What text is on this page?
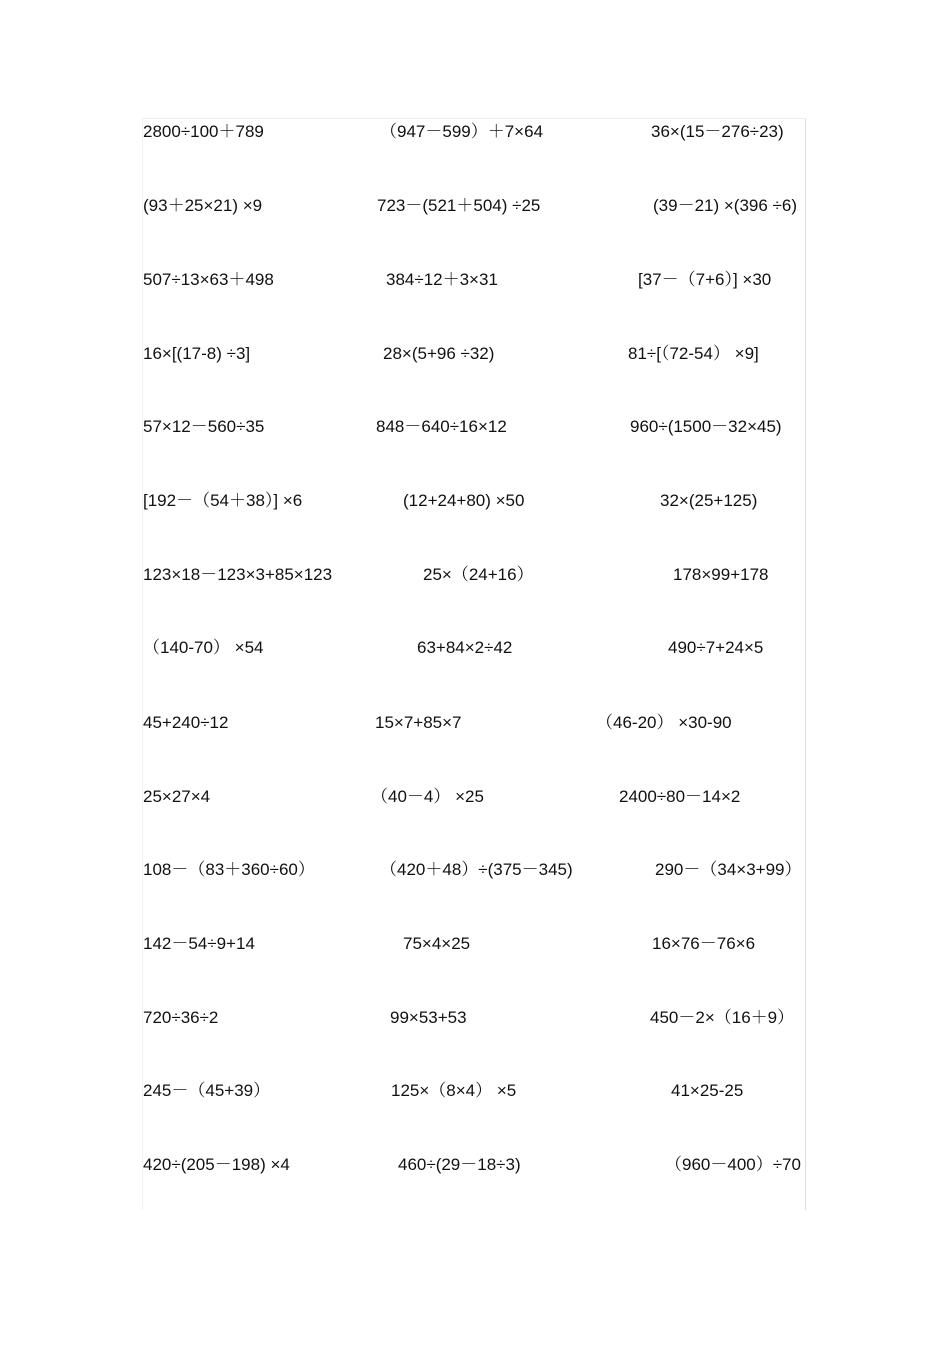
2800÷100＋789	（947－599）＋7×64	36×(15－276÷23)
(93＋25×21) ×9	723－(521＋504) ÷25	(39－21) ×(396 ÷6)
507÷13×63＋498	384÷12＋3×31	[37－（7+6）] ×30
16×[(17-8) ÷3]	28×(5+96 ÷32)	81÷[（72-54） ×9]
57×12－560÷35	848－640÷16×12	960÷(1500－32×45)
[192－（54＋38）] ×6	(12+24+80) ×50	32×(25+125)
123×18－123×3+85×123	25×（24+16）	178×99+178
（140-70） ×54	63+84×2÷42	490÷7+24×5
45+240÷12	15×7+85×7	（46-20） ×30-90
25×27×4	（40－4） ×25	2400÷80－14×2
108－（83＋360÷60）	（420＋48）÷(375－345)	290－（34×3+99）
142－54÷9+14	75×4×25	16×76－76×6
720÷36÷2	99×53+53	450－2×（16＋9）
245－（45+39）	125×（8×4） ×5	41×25-25
420÷(205－198) ×4	460÷(29－18÷3)	（960－400）÷70
